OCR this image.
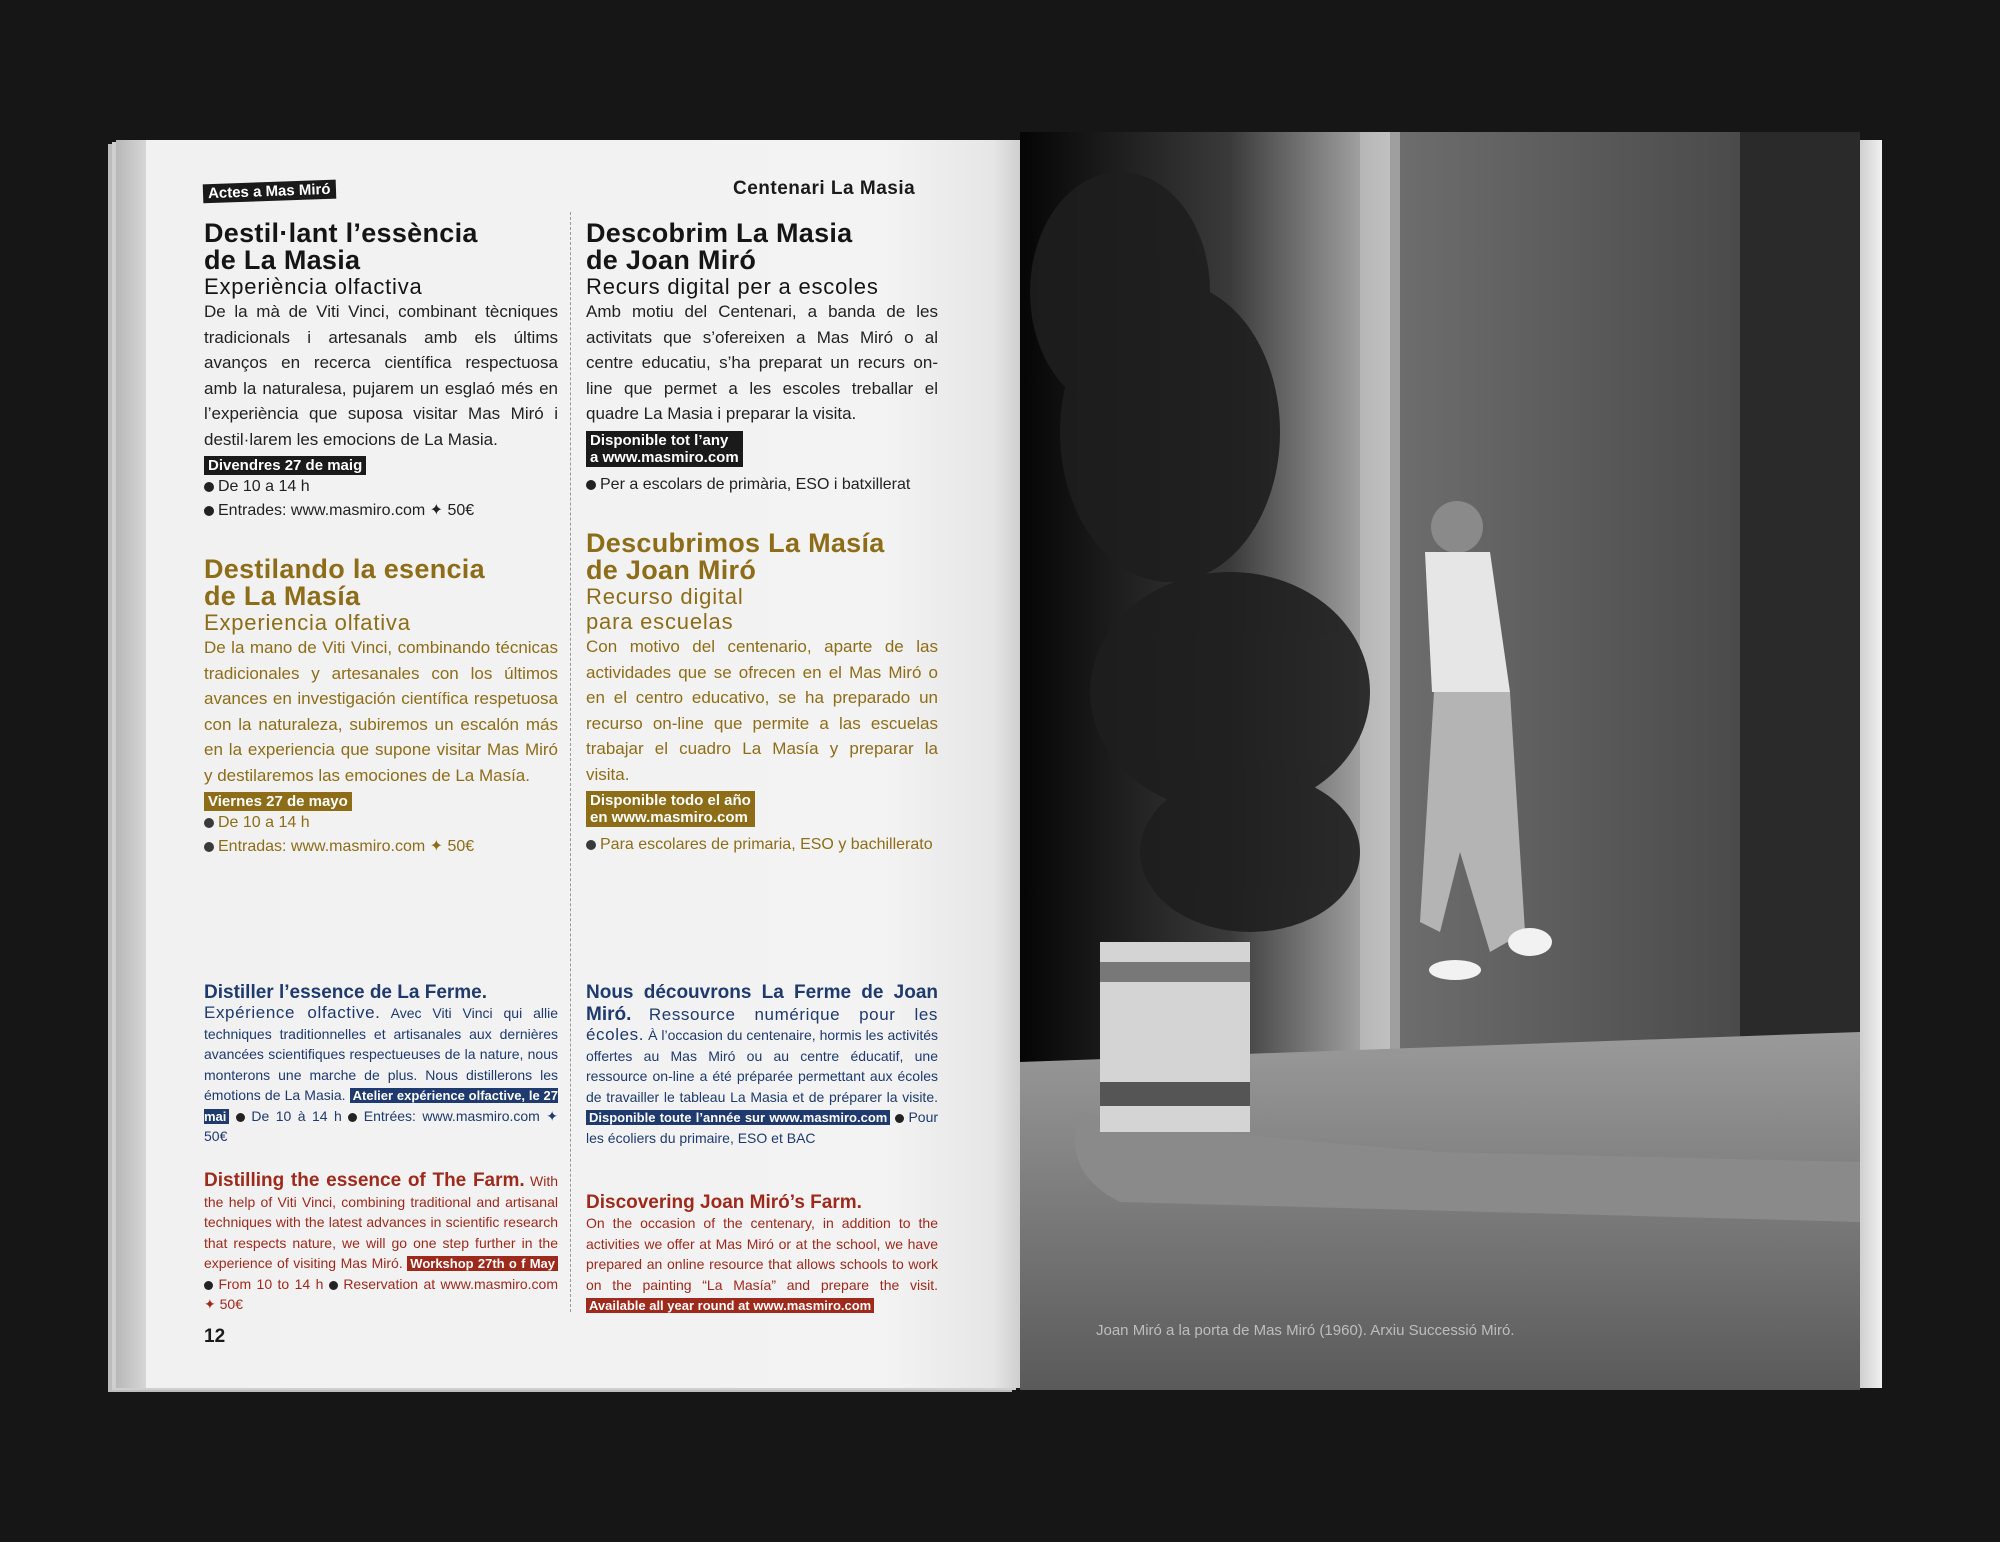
Joan Miró a la porta de Mas Miró (1960). Arxiu Successió Miró.
Actes a Mas Miró	Centenari La Masia
Destil·lant l’essència
de La Masia
Experiència olfactiva
De la mà de Viti Vinci, combinant tècniques tradicionals i artesanals amb els últims avanços en recerca científica respectuosa amb la naturalesa, pujarem un esglaó més en l’experiència que suposa visitar Mas Miró i destil·larem les emocions de La Masia.
Divendres 27 de maig
De 10 a 14 h
Entrades: www.masmiro.com ✦ 50€
Destilando la esencia
de La Masía
Experiencia olfativa
De la mano de Viti Vinci, combinando técnicas tradicionales y artesanales con los últimos avances en investigación científica respetuosa con la naturaleza, subiremos un escalón más en la experiencia que supone visitar Mas Miró y destilaremos las emociones de La Masía.
Viernes 27 de mayo
De 10 a 14 h
Entradas: www.masmiro.com ✦ 50€
Descobrim La Masia
de Joan Miró
Recurs digital per a escoles
Amb motiu del Centenari, a banda de les activitats que s’ofereixen a Mas Miró o al centre educatiu, s’ha preparat un recurs on-line que permet a les escoles treballar el quadre La Masia i preparar la visita.
Disponible tot l’any
a www.masmiro.com
Per a escolars de primària, ESO i batxillerat
Descubrimos La Masía
de Joan Miró
Recurso digital
para escuelas
Con motivo del centenario, aparte de las actividades que se ofrecen en el Mas Miró o en el centro educativo, se ha preparado un recurso on-line que permite a las escuelas trabajar el cuadro La Masía y preparar la visita.
Disponible todo el año
en www.masmiro.com
Para escolares de primaria, ESO y bachillerato
Distiller l’essence de La Ferme.
Expérience olfactive. Avec Viti Vinci qui allie techniques traditionnelles et artisanales aux dernières avancées scientifiques respectueuses de la nature, nous monterons une marche de plus. Nous distillerons les émotions de La Masia. Atelier expérience olfactive, le 27 mai De 10 à 14 h Entrées: www.masmiro.com ✦ 50€
Distilling the essence of The Farm. With the help of Viti Vinci, combining traditional and artisanal techniques with the latest advances in scientific research that respects nature, we will go one step further in the experience of visiting Mas Miró. Workshop 27th o f May  From 10 to 14 h Reservation at www.masmiro.com ✦ 50€
Nous découvrons La Ferme de Joan Miró. Ressource numérique pour les écoles. À l’occasion du centenaire, hormis les activités offertes au Mas Miró ou au centre éducatif, une ressource on-line a été préparée permettant aux écoles de travailler le tableau La Masia et de préparer la visite. Disponible toute l’année sur www.masmiro.com Pour les écoliers du primaire, ESO et BAC
Discovering Joan Miró’s Farm.
On the occasion of the centenary, in addition to the activities we offer at Mas Miró or at the school, we have prepared an online resource that allows schools to work on the painting “La Masía” and prepare the visit. Available all year round at www.masmiro.com
12
